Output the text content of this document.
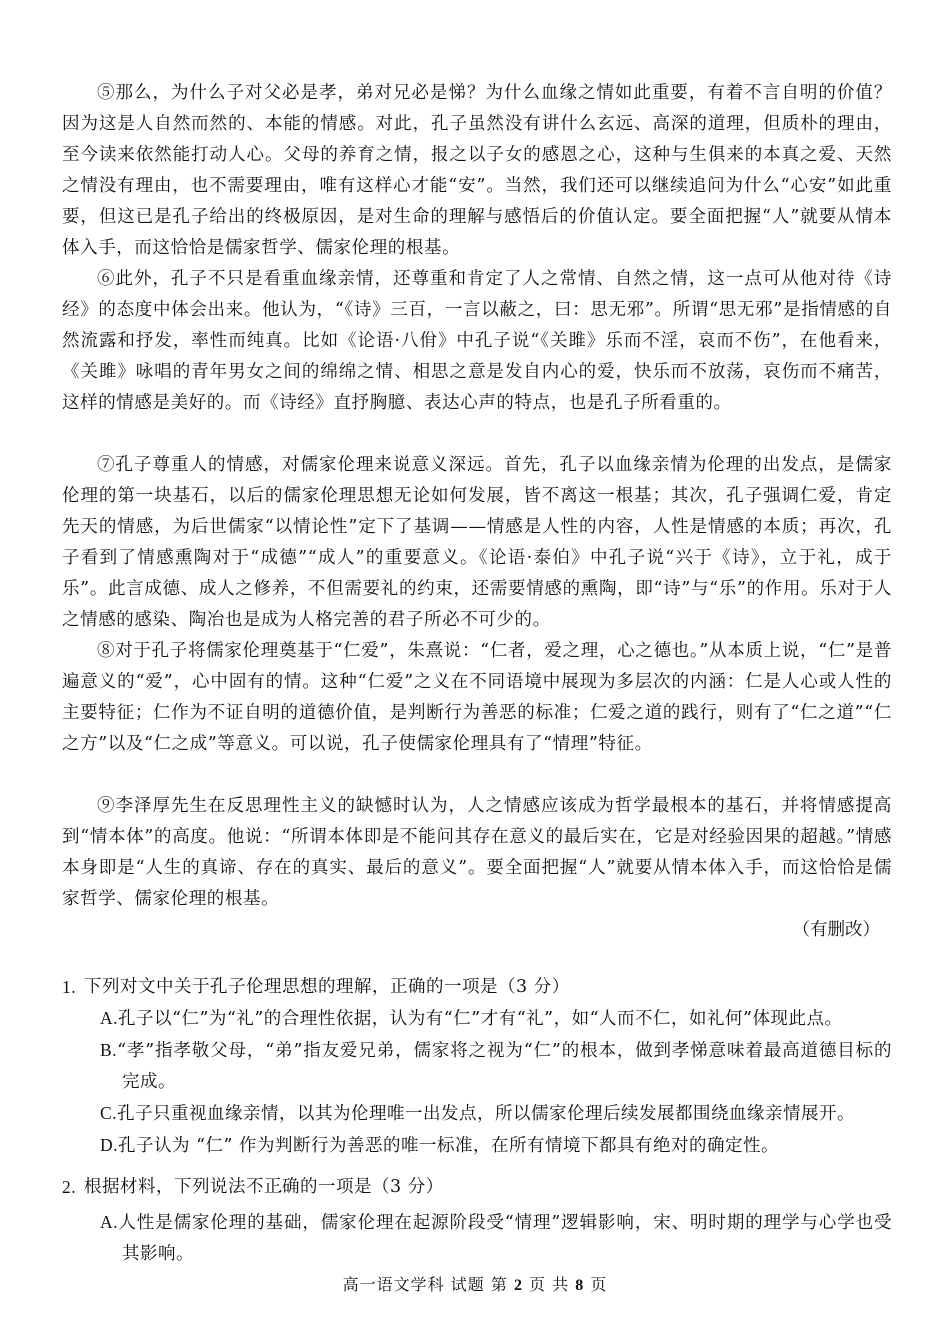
⑤那么，为什么子对父必是孝，弟对兄必是悌？为什么血缘之情如此重要，有着不言自明的价值？因为这是人自然而然的、本能的情感。对此，孔子虽然没有讲什么玄远、高深的道理，但质朴的理由，至今读来依然能打动人心。父母的养育之情，报之以子女的感恩之心，这种与生俱来的本真之爱、天然之情没有理由，也不需要理由，唯有这样心才能“安”。当然，我们还可以继续追问为什么“心安”如此重要，但这已是孔子给出的终极原因，是对生命的理解与感悟后的价值认定。要全面把握“人”就要从情本体入手，而这恰恰是儒家哲学、儒家伦理的根基。

⑥此外，孔子不只是看重血缘亲情，还尊重和肯定了人之常情、自然之情，这一点可从他对待《诗经》的态度中体会出来。他认为，“《诗》三百，一言以蔽之，曰：思无邪”。所谓“思无邪”是指情感的自然流露和抒发，率性而纯真。比如《论语·八佾》中孔子说“《关雎》乐而不淫，哀而不伤”，在他看来，《关雎》咏唱的青年男女之间的绵绵之情、相思之意是发自内心的爱，快乐而不放荡，哀伤而不痛苦，这样的情感是美好的。而《诗经》直抒胸臆、表达心声的特点，也是孔子所看重的。

⑦孔子尊重人的情感，对儒家伦理来说意义深远。首先，孔子以血缘亲情为伦理的出发点，是儒家伦理的第一块基石，以后的儒家伦理思想无论如何发展，皆不离这一根基；其次，孔子强调仁爱，肯定先天的情感，为后世儒家“以情论性”定下了基调——情感是人性的内容，人性是情感的本质；再次，孔子看到了情感熏陶对于“成德”“成人”的重要意义。《论语·泰伯》中孔子说“兴于《诗》，立于礼，成于乐”。此言成德、成人之修养，不但需要礼的约束，还需要情感的熏陶，即“诗”与“乐”的作用。乐对于人之情感的感染、陶冶也是成为人格完善的君子所必不可少的。

⑧对于孔子将儒家伦理奠基于“仁爱”，朱熹说：“仁者，爱之理，心之德也。”从本质上说，“仁”是普遍意义的“爱”，心中固有的情。这种“仁爱”之义在不同语境中展现为多层次的内涵：仁是人心或人性的主要特征；仁作为不证自明的道德价值，是判断行为善恶的标准；仁爱之道的践行，则有了“仁之道”“仁之方”以及“仁之成”等意义。可以说，孔子使儒家伦理具有了“情理”特征。

⑨李泽厚先生在反思理性主义的缺憾时认为，人之情感应该成为哲学最根本的基石，并将情感提高到“情本体”的高度。他说：“所谓本体即是不能问其存在意义的最后实在，它是对经验因果的超越。”情感本身即是“人生的真谛、存在的真实、最后的意义”。要全面把握“人”就要从情本体入手，而这恰恰是儒家哲学、儒家伦理的根基。

（有删改）
1. 下列对文中关于孔子伦理思想的理解，正确的一项是（3 分）
A.孔子以“仁”为“礼”的合理性依据，认为有“仁”才有“礼”，如“人而不仁，如礼何”体现此点。
B.“孝”指孝敬父母，“弟”指友爱兄弟，儒家将之视为“仁”的根本，做到孝悌意味着最高道德目标的完成。
C.孔子只重视血缘亲情，以其为伦理唯一出发点，所以儒家伦理后续发展都围绕血缘亲情展开。
D.孔子认为 “仁” 作为判断行为善恶的唯一标准，在所有情境下都具有绝对的确定性。
2. 根据材料，下列说法不正确 · ·的一项是（3 分）
A.人性是儒家伦理的基础，儒家伦理在起源阶段受“情理”逻辑影响，宋、明时期的理学与心学也受其影响。
高一语文学科 试题 第 2 页 共 8 页
